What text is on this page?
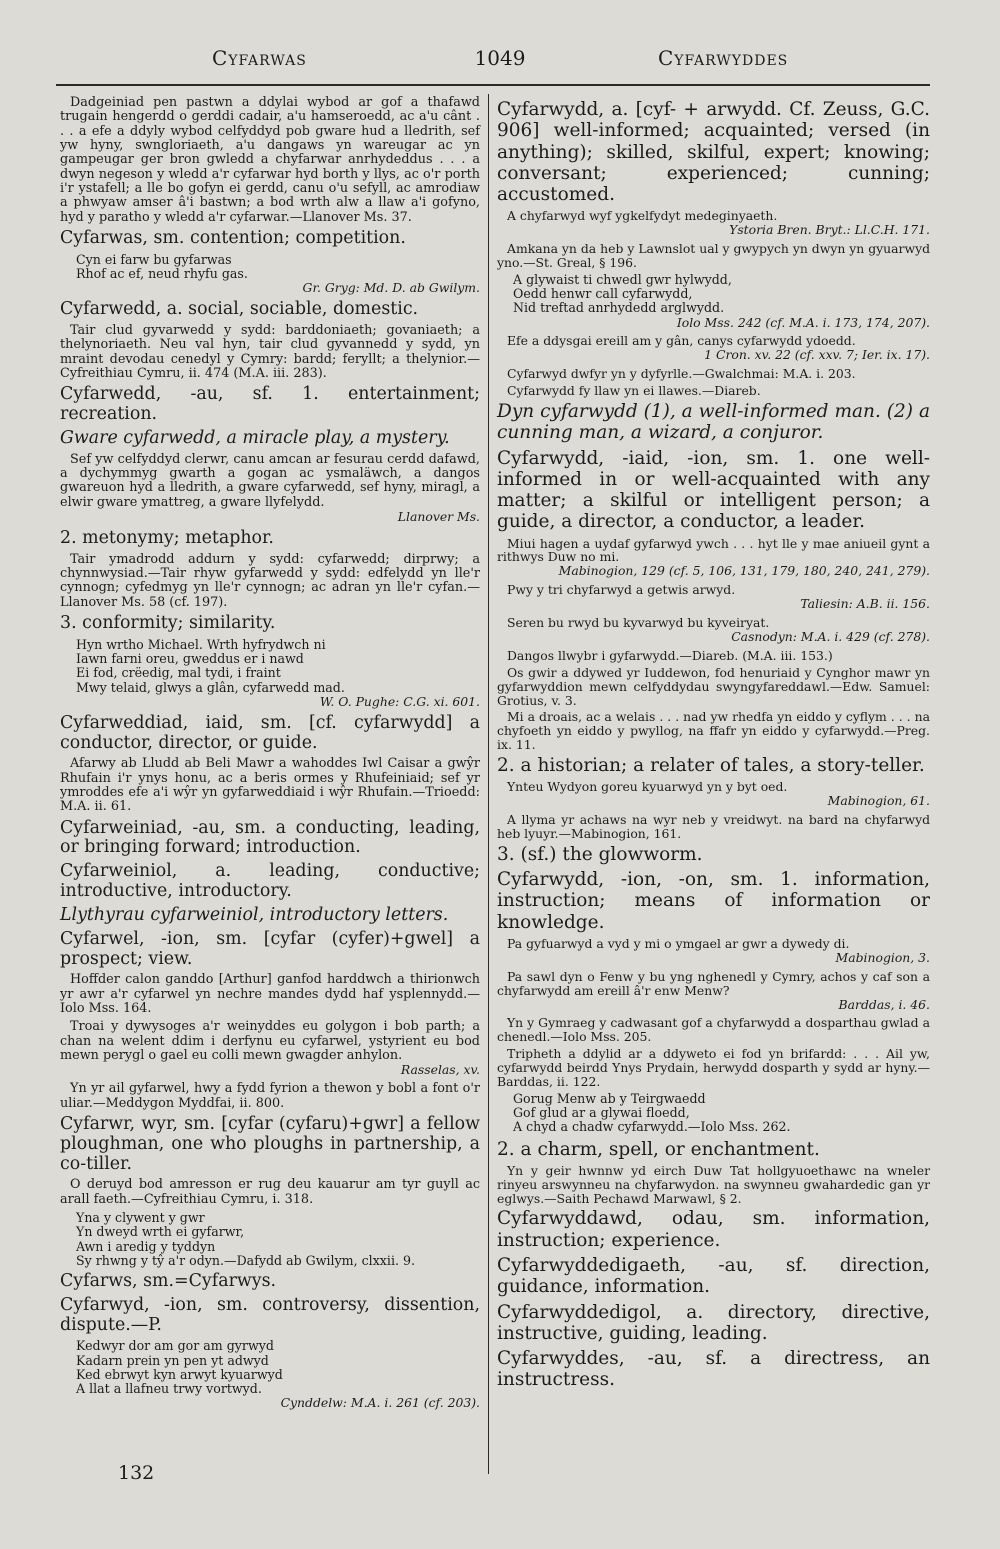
Cyfarwas	1049	Cyfarwyddes

Dadgeiniad pen pastwn a ddylai wybod ar gof a thafawd trugain hengerdd o gerddi cadair, a'u hamseroedd, ac a'u cânt . . . a efe a ddyly wybod celfyddyd pob gware hud a lledrith, sef yw hyny, swngloriaeth, a'u dangaws yn wareugar ac yn gampeugar ger bron gwledd a chyfarwar anrhydeddus . . . a dwyn negeson y wledd a'r cyfarwar hyd borth y llys, ac o'r porth i'r ystafell; a lle bo gofyn ei gerdd, canu o'u sefyll, ac amrodiaw a phwyaw amser â'i bastwn; a bod wrth alw a llaw a'i gofyno, hyd y paratho y wledd a'r cyfarwar.—Llanover Ms. 37.

Cyfarwas, sm. contention; competition.

Cyn ei farw bu gyfarwas

Rhof ac ef, neud rhyfu gas.

Gr. Gryg: Md. D. ab Gwilym.

Cyfarwedd, a. social, sociable, domestic.

Tair clud gyvarwedd y sydd: barddoniaeth; govaniaeth; a thelynoriaeth. Neu val hyn, tair clud gyvannedd y sydd, yn mraint devodau cenedyl y Cymry: bardd; feryllt; a thelynior.—Cyfreithiau Cymru, ii. 474 (M.A. iii. 283).

Cyfarwedd, -au, sf. 1. entertainment; recreation.

Gware cyfarwedd, a miracle play, a mystery.

Sef yw celfyddyd clerwr, canu amcan ar fesurau cerdd dafawd, a dychymmyg gwarth a gogan ac ysmaläwch, a dangos gwareuon hyd a lledrith, a gware cyfarwedd, sef hyny, miragl, a elwir gware ymattreg, a gware llyfelydd.

Llanover Ms.

2. metonymy; metaphor.

Tair ymadrodd addurn y sydd: cyfarwedd; dirprwy; a chynnwysiad.—Tair rhyw gyfarwedd y sydd: edfelydd yn lle'r cynnogn; cyfedmyg yn lle'r cynnogn; ac adran yn lle'r cyfan.—Llanover Ms. 58 (cf. 197).

3. conformity; similarity.

Hyn wrtho Michael. Wrth hyfrydwch ni

Iawn farni oreu, gweddus er i nawd

Ei fod, crëedig, mal tydi, i fraint

Mwy telaid, glwys a glân, cyfarwedd mad.

W. O. Pughe: C.G. xi. 601.

Cyfarweddiad, iaid, sm. [cf. cyfarwydd] a conductor, director, or guide.

Afarwy ab Lludd ab Beli Mawr a wahoddes Iwl Caisar a gwŷr Rhufain i'r ynys honu, ac a beris ormes y Rhufeiniaid; sef yr ymroddes efe a'i wŷr yn gyfarweddiaid i wŷr Rhufain.—Trioedd: M.A. ii. 61.

Cyfarweiniad, -au, sm. a conducting, leading, or bringing forward; introduction.

Cyfarweiniol, a. leading, conductive; introductive, introductory.

Llythyrau cyfarweiniol, introductory letters.

Cyfarwel, -ion, sm. [cyfar (cyfer)+gwel] a prospect; view.

Hoffder calon ganddo [Arthur] ganfod harddwch a thirionwch yr awr a'r cyfarwel yn nechre mandes dydd haf ysplennydd.—Iolo Mss. 164.

Troai y dywysoges a'r weinyddes eu golygon i bob parth; a chan na welent ddim i derfynu eu cyfarwel, ystyrient eu bod mewn perygl o gael eu colli mewn gwagder anhylon.

Rasselas, xv.

Yn yr ail gyfarwel, hwy a fydd fyrion a thewon y bobl a font o'r uliar.—Meddygon Myddfai, ii. 800.

Cyfarwr, wyr, sm. [cyfar (cyfaru)+gwr] a fellow ploughman, one who ploughs in partnership, a co-tiller.

O deruyd bod amresson er rug deu kauarur am tyr guyll ac arall faeth.—Cyfreithiau Cymru, i. 318.

Yna y clywent y gwr

Yn dweyd wrth ei gyfarwr,

Awn i aredig y tyddyn

Sy rhwng y tŷ a'r odyn.—Dafydd ab Gwilym, clxxii. 9.

Cyfarws, sm.=Cyfarwys.

Cyfarwyd, -ion, sm. controversy, dissention, dispute.—P.

Kedwyr dor am gor am gyrwyd

Kadarn prein yn pen yt adwyd

Ked ebrwyt kyn arwyt kyuarwyd

A llat a llafneu trwy vortwyd.

Cynddelw: M.A. i. 261 (cf. 203).

Cyfarwydd, a. [cyf- + arwydd. Cf. Zeuss, G.C. 906] well-informed; acquainted; versed (in anything); skilled, skilful, expert; knowing; conversant; experienced; cunning; accustomed.

A chyfarwyd wyf ygkelfydyt medeginyaeth.

Ystoria Bren. Bryt.: Ll.C.H. 171.

Amkana yn da heb y Lawnslot ual y gwypych yn dwyn yn gyuarwyd yno.—St. Greal, § 196.

A glywaist ti chwedl gwr hylwydd,

Oedd henwr call cyfarwydd,

Nid treftad anrhydedd arglwydd.

Iolo Mss. 242 (cf. M.A. i. 173, 174, 207).

Efe a ddysgai ereill am y gân, canys cyfarwydd ydoedd.

1 Cron. xv. 22 (cf. xxv. 7; Ier. ix. 17).

Cyfarwyd dwfyr yn y dyfyrlle.—Gwalchmai: M.A. i. 203.

Cyfarwydd fy llaw yn ei llawes.—Diareb.

Dyn cyfarwydd (1), a well-informed man. (2) a cunning man, a wizard, a conjuror.

Cyfarwydd, -iaid, -ion, sm. 1. one well-informed in or well-acquainted with any matter; a skilful or intelligent person; a guide, a director, a conductor, a leader.

Miui hagen a uydaf gyfarwyd ywch . . . hyt lle y mae aniueil gynt a rithwys Duw no mi.

Mabinogion, 129 (cf. 5, 106, 131, 179, 180, 240, 241, 279).

Pwy y tri chyfarwyd a getwis arwyd.

Taliesin: A.B. ii. 156.

Seren bu rwyd bu kyvarwyd bu kyveiryat.

Casnodyn: M.A. i. 429 (cf. 278).

Dangos llwybr i gyfarwydd.—Diareb. (M.A. iii. 153.)

Os gwir a ddywed yr Iuddewon, fod henuriaid y Cynghor mawr yn gyfarwyddion mewn celfyddydau swyngyfareddawl.—Edw. Samuel: Grotius, v. 3.

Mi a droais, ac a welais . . . nad yw rhedfa yn eiddo y cyflym . . . na chyfoeth yn eiddo y pwyllog, na ffafr yn eiddo y cyfarwydd.—Preg. ix. 11.

2. a historian; a relater of tales, a story-teller.

Ynteu Wydyon goreu kyuarwyd yn y byt oed.

Mabinogion, 61.

A llyma yr achaws na wyr neb y vreidwyt. na bard na chyfarwyd heb lyuyr.—Mabinogion, 161.

3. (sf.) the glowworm.

Cyfarwydd, -ion, -on, sm. 1. information, instruction; means of information or knowledge.

Pa gyfuarwyd a vyd y mi o ymgael ar gwr a dywedy di.

Mabinogion, 3.

Pa sawl dyn o Fenw y bu yng nghenedl y Cymry, achos y caf son a chyfarwydd am ereill â'r enw Menw?

Barddas, i. 46.

Yn y Gymraeg y cadwasant gof a chyfarwydd a dosparthau gwlad a chenedl.—Iolo Mss. 205.

Tripheth a ddylid ar a ddyweto ei fod yn brifardd: . . . Ail yw, cyfarwydd beirdd Ynys Prydain, herwydd dosparth y sydd ar hyny.—Barddas, ii. 122.

Gorug Menw ab y Teirgwaedd

Gof glud ar a glywai floedd,

A chyd a chadw cyfarwydd.—Iolo Mss. 262.

2. a charm, spell, or enchantment.

Yn y geir hwnnw yd eirch Duw Tat hollgyuoethawc na wneler rinyeu arswynneu na chyfarwydon. na swynneu gwahardedic gan yr eglwys.—Saith Pechawd Marwawl, § 2.

Cyfarwyddawd, odau, sm. information, instruction; experience.

Cyfarwyddedigaeth, -au, sf. direction, guidance, information.

Cyfarwyddedigol, a. directory, directive, instructive, guiding, leading.

Cyfarwyddes, -au, sf. a directress, an instructress.

132
